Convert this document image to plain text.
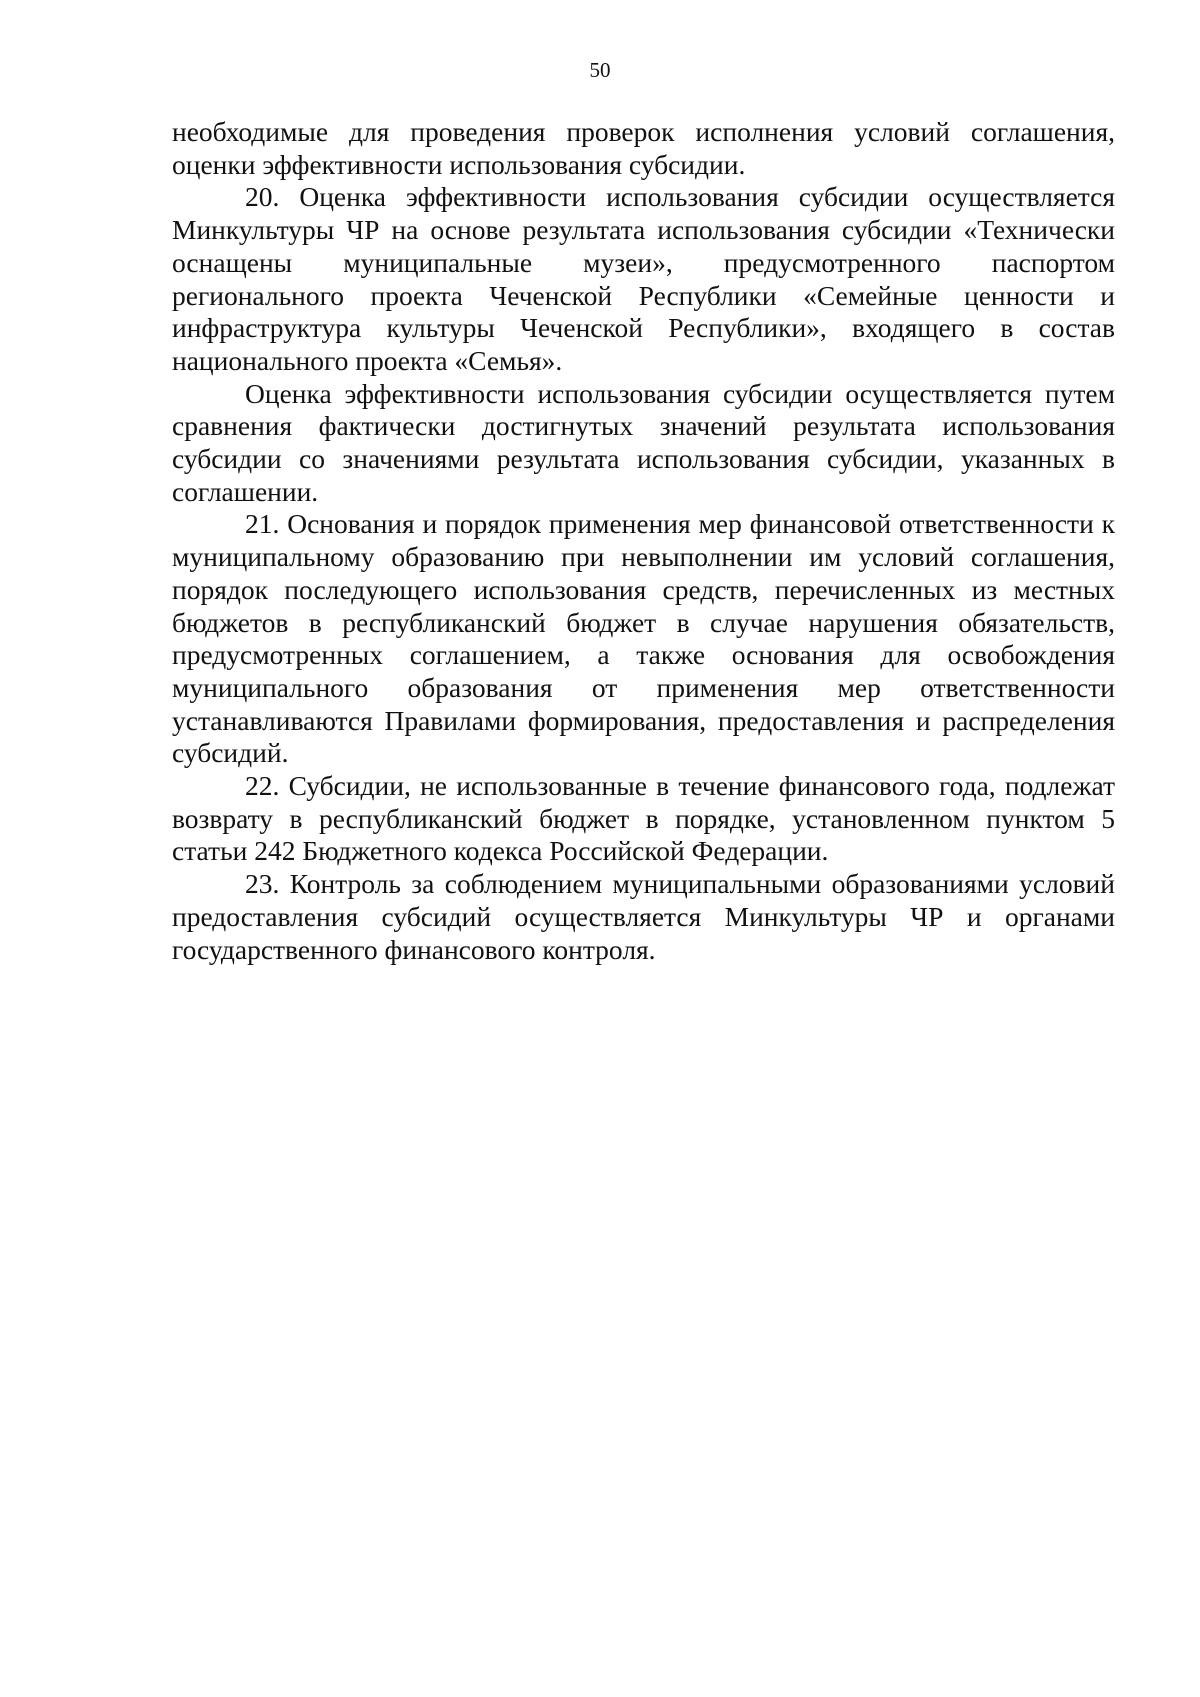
50

необходимые для проведения проверок исполнения условий соглашения, оценки эффективности использования субсидии.

20. Оценка эффективности использования субсидии осуществляется Минкультуры ЧР на основе результата использования субсидии «Технически оснащены муниципальные музеи», предусмотренного паспортом регионального проекта Чеченской Республики «Семейные ценности и инфраструктура культуры Чеченской Республики», входящего в состав национального проекта «Семья».

Оценка эффективности использования субсидии осуществляется путем сравнения фактически достигнутых значений результата использования субсидии со значениями результата использования субсидии, указанных в соглашении.

21. Основания и порядок применения мер финансовой ответственности к муниципальному образованию при невыполнении им условий соглашения, порядок последующего использования средств, перечисленных из местных бюджетов в республиканский бюджет в случае нарушения обязательств, предусмотренных соглашением, а также основания для освобождения муниципального образования от применения мер ответственности устанавливаются Правилами формирования, предоставления и распределения субсидий.

22. Субсидии, не использованные в течение финансового года, подлежат возврату в республиканский бюджет в порядке, установленном пунктом 5 статьи 242 Бюджетного кодекса Российской Федерации.

23. Контроль за соблюдением муниципальными образованиями условий предоставления субсидий осуществляется Минкультуры ЧР и органами государственного финансового контроля.
